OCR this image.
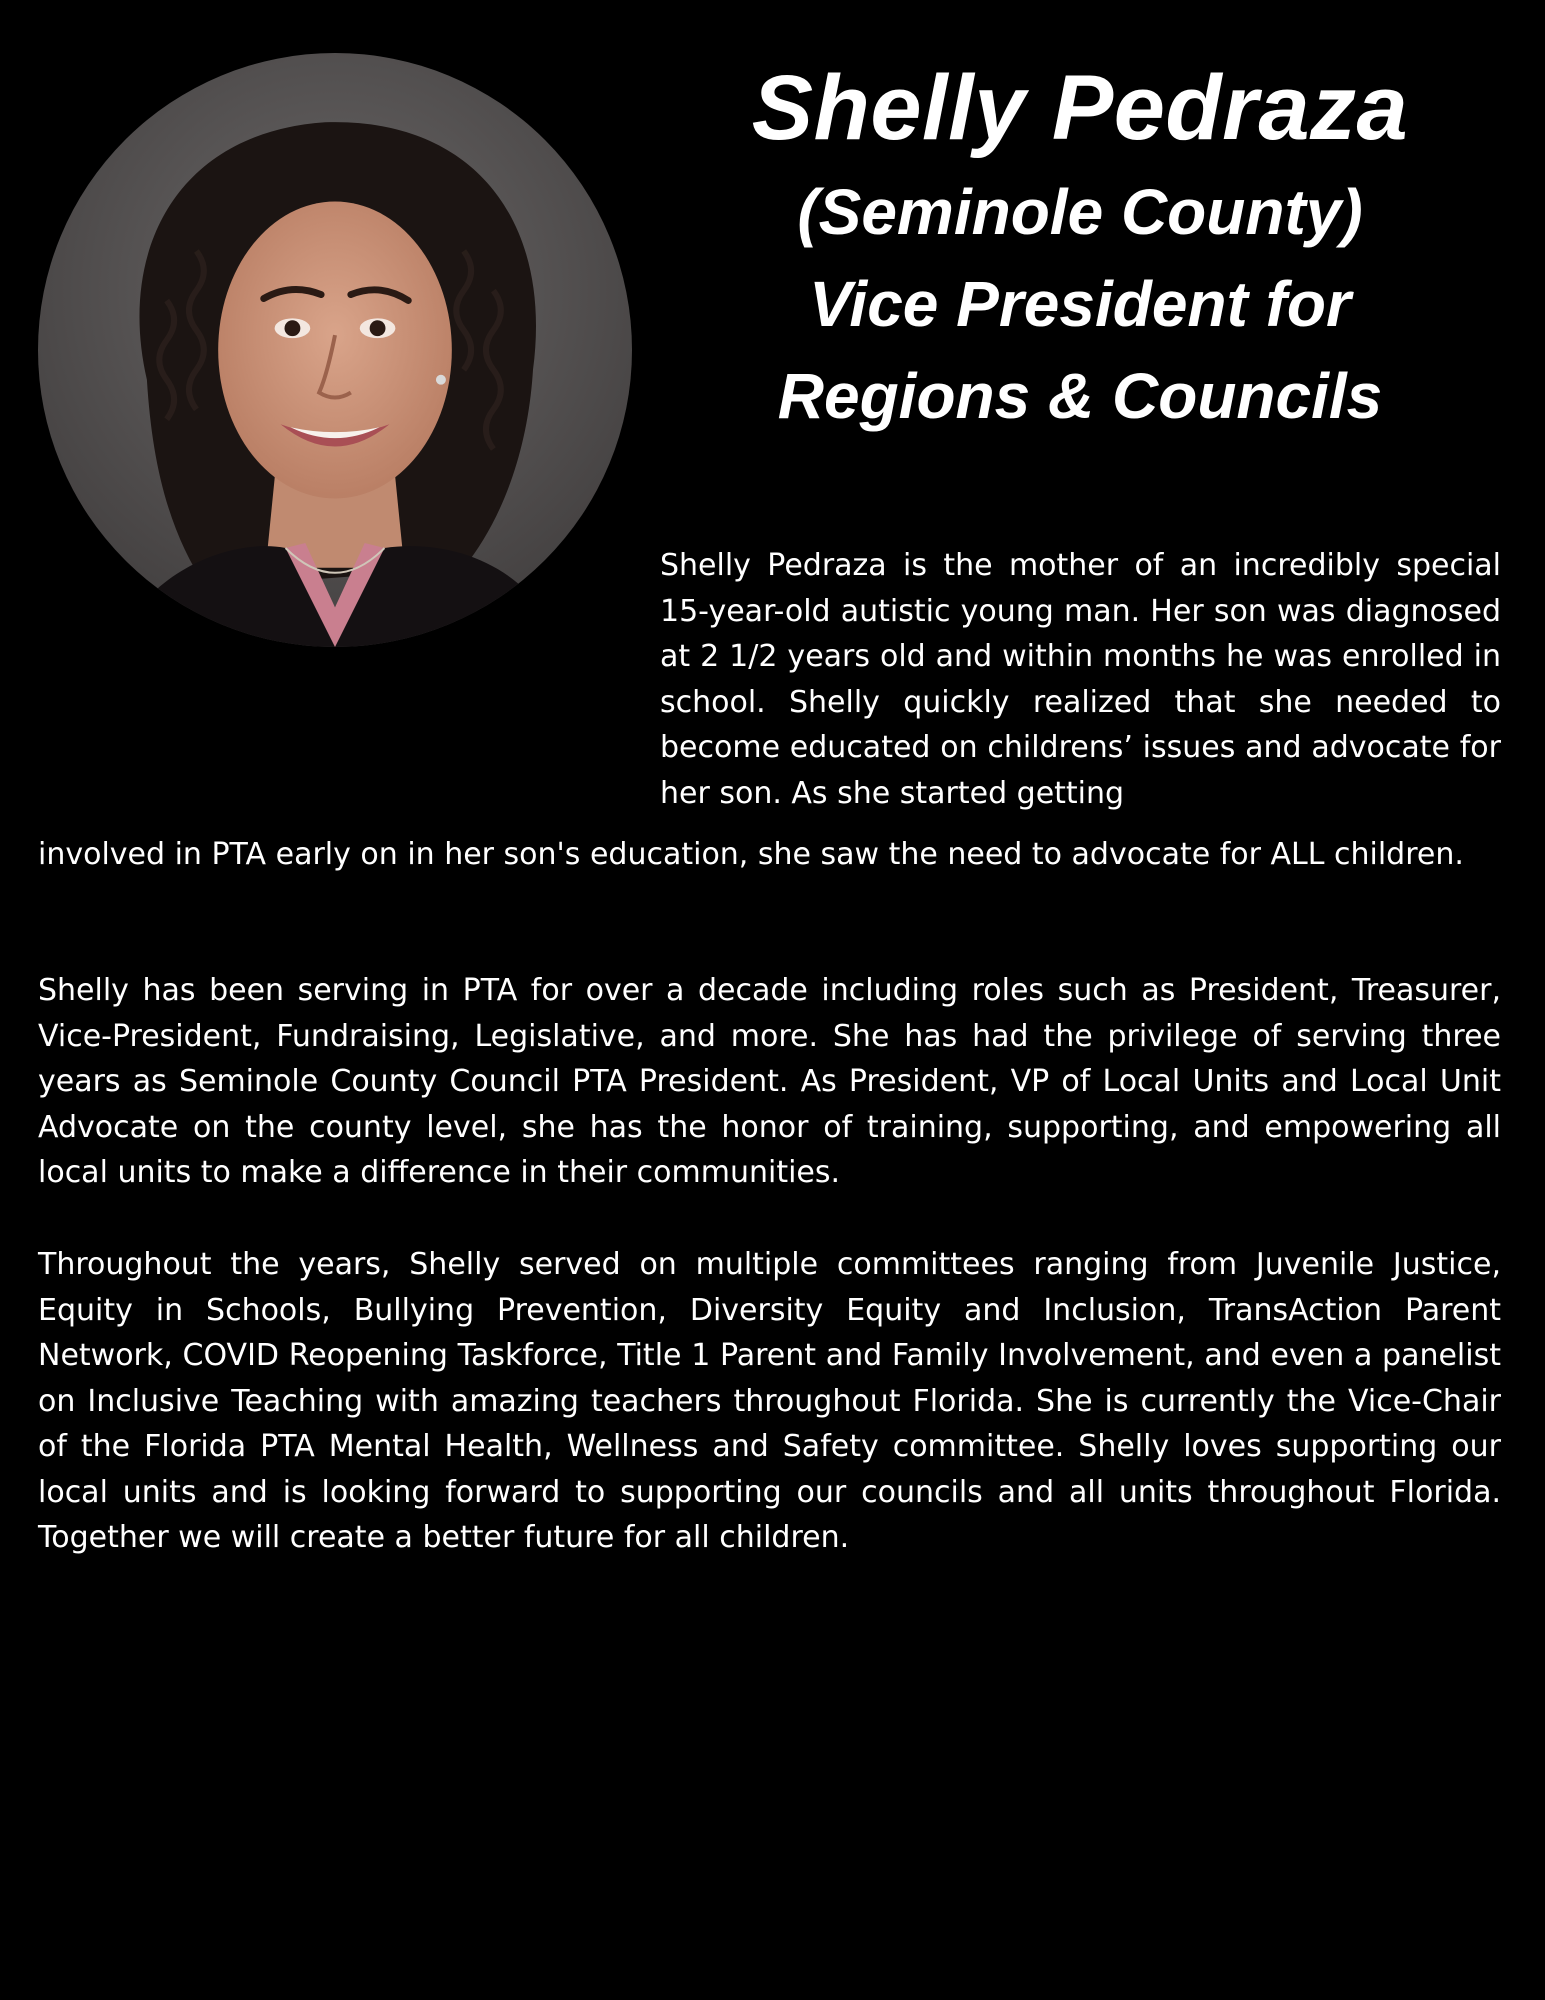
Shelly Pedraza
(Seminole County)
Vice President for
Regions & Councils

Shelly Pedraza is the mother of an incredibly special 15-year-old autistic young man. Her son was diagnosed at 2 1/2 years old and within months he was enrolled in school. Shelly quickly realized that she needed to become educated on childrens’ issues and advocate for her son. As she started getting

involved in PTA early on in her son's education, she saw the need to advocate for ALL children.

Shelly has been serving in PTA for over a decade including roles such as President, Treasurer, Vice-President, Fundraising, Legislative, and more. She has had the privilege of serving three years as Seminole County Council PTA President. As President, VP of Local Units and Local Unit Advocate on the county level, she has the honor of training, supporting, and empowering all local units to make a difference in their communities.

Throughout the years, Shelly served on multiple committees ranging from Juvenile Justice, Equity in Schools, Bullying Prevention, Diversity Equity and Inclusion, TransAction Parent Network, COVID Reopening Taskforce, Title 1 Parent and Family Involvement, and even a panelist on Inclusive Teaching with amazing teachers throughout Florida. She is currently the Vice-Chair of the Florida PTA Mental Health, Wellness and Safety committee. Shelly loves supporting our local units and is looking forward to supporting our councils and all units throughout Florida. Together we will create a better future for all children.
